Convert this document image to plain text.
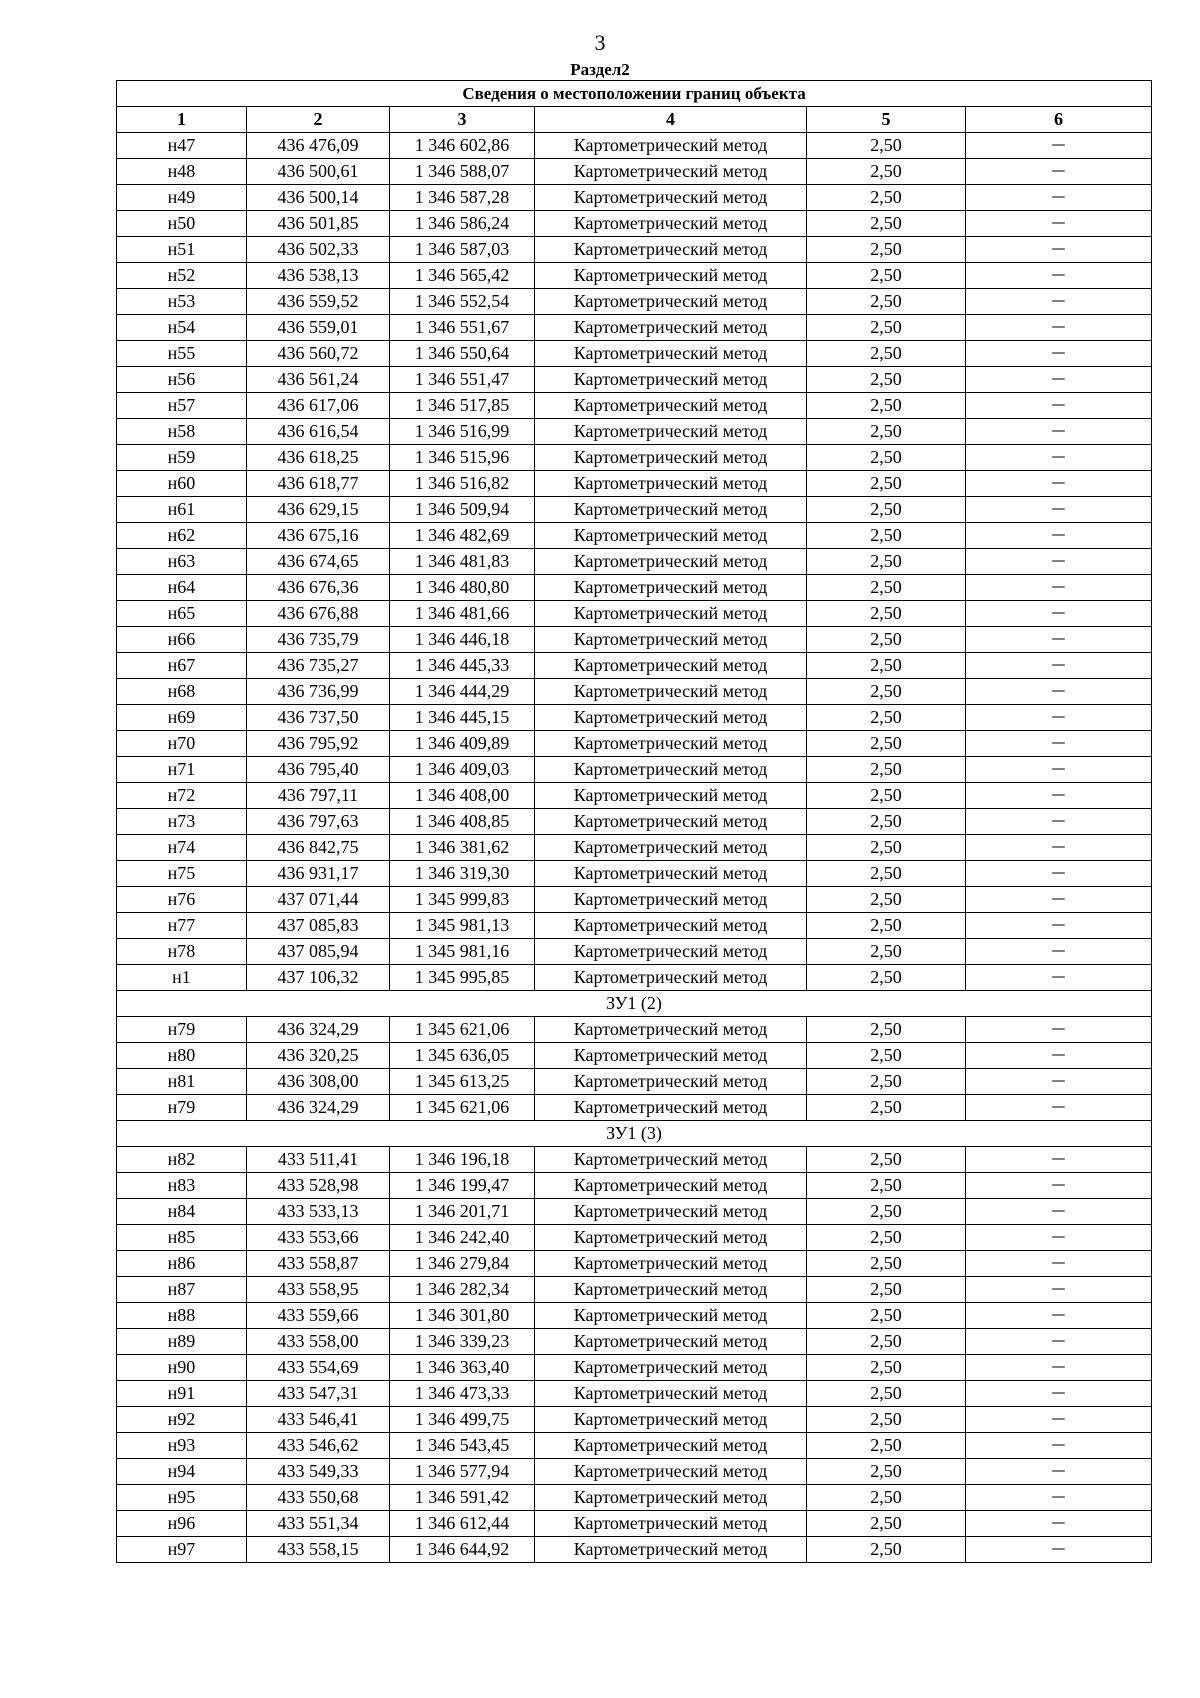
3
Раздел2
Сведения о местоположении границ объекта					
1	2	3	4	5	6
н47	436 476,09	1 346 602,86	Картометрический метод	2,50	—
н48	436 500,61	1 346 588,07	Картометрический метод	2,50	—
н49	436 500,14	1 346 587,28	Картометрический метод	2,50	—
н50	436 501,85	1 346 586,24	Картометрический метод	2,50	—
н51	436 502,33	1 346 587,03	Картометрический метод	2,50	—
н52	436 538,13	1 346 565,42	Картометрический метод	2,50	—
н53	436 559,52	1 346 552,54	Картометрический метод	2,50	—
н54	436 559,01	1 346 551,67	Картометрический метод	2,50	—
н55	436 560,72	1 346 550,64	Картометрический метод	2,50	—
н56	436 561,24	1 346 551,47	Картометрический метод	2,50	—
н57	436 617,06	1 346 517,85	Картометрический метод	2,50	—
н58	436 616,54	1 346 516,99	Картометрический метод	2,50	—
н59	436 618,25	1 346 515,96	Картометрический метод	2,50	—
н60	436 618,77	1 346 516,82	Картометрический метод	2,50	—
н61	436 629,15	1 346 509,94	Картометрический метод	2,50	—
н62	436 675,16	1 346 482,69	Картометрический метод	2,50	—
н63	436 674,65	1 346 481,83	Картометрический метод	2,50	—
н64	436 676,36	1 346 480,80	Картометрический метод	2,50	—
н65	436 676,88	1 346 481,66	Картометрический метод	2,50	—
н66	436 735,79	1 346 446,18	Картометрический метод	2,50	—
н67	436 735,27	1 346 445,33	Картометрический метод	2,50	—
н68	436 736,99	1 346 444,29	Картометрический метод	2,50	—
н69	436 737,50	1 346 445,15	Картометрический метод	2,50	—
н70	436 795,92	1 346 409,89	Картометрический метод	2,50	—
н71	436 795,40	1 346 409,03	Картометрический метод	2,50	—
н72	436 797,11	1 346 408,00	Картометрический метод	2,50	—
н73	436 797,63	1 346 408,85	Картометрический метод	2,50	—
н74	436 842,75	1 346 381,62	Картометрический метод	2,50	—
н75	436 931,17	1 346 319,30	Картометрический метод	2,50	—
н76	437 071,44	1 345 999,83	Картометрический метод	2,50	—
н77	437 085,83	1 345 981,13	Картометрический метод	2,50	—
н78	437 085,94	1 345 981,16	Картометрический метод	2,50	—
н1	437 106,32	1 345 995,85	Картометрический метод	2,50	—
ЗУ1 (2)					
н79	436 324,29	1 345 621,06	Картометрический метод	2,50	—
н80	436 320,25	1 345 636,05	Картометрический метод	2,50	—
н81	436 308,00	1 345 613,25	Картометрический метод	2,50	—
н79	436 324,29	1 345 621,06	Картометрический метод	2,50	—
ЗУ1 (3)					
н82	433 511,41	1 346 196,18	Картометрический метод	2,50	—
н83	433 528,98	1 346 199,47	Картометрический метод	2,50	—
н84	433 533,13	1 346 201,71	Картометрический метод	2,50	—
н85	433 553,66	1 346 242,40	Картометрический метод	2,50	—
н86	433 558,87	1 346 279,84	Картометрический метод	2,50	—
н87	433 558,95	1 346 282,34	Картометрический метод	2,50	—
н88	433 559,66	1 346 301,80	Картометрический метод	2,50	—
н89	433 558,00	1 346 339,23	Картометрический метод	2,50	—
н90	433 554,69	1 346 363,40	Картометрический метод	2,50	—
н91	433 547,31	1 346 473,33	Картометрический метод	2,50	—
н92	433 546,41	1 346 499,75	Картометрический метод	2,50	—
н93	433 546,62	1 346 543,45	Картометрический метод	2,50	—
н94	433 549,33	1 346 577,94	Картометрический метод	2,50	—
н95	433 550,68	1 346 591,42	Картометрический метод	2,50	—
н96	433 551,34	1 346 612,44	Картометрический метод	2,50	—
н97	433 558,15	1 346 644,92	Картометрический метод	2,50	—
